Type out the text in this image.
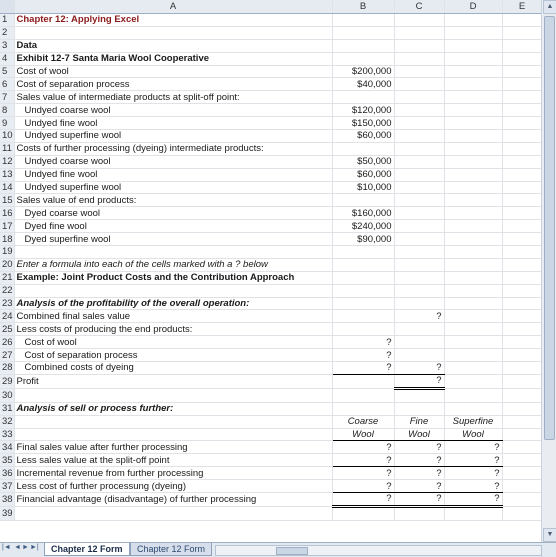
	A	B	C	D	E
1	Chapter 12: Applying Excel				
2					
3	Data				
4	Exhibit 12-7 Santa Maria Wool Cooperative				
5	Cost of wool	$200,000			
6	Cost of separation process	$40,000			
7	Sales value of intermediate products at split-off point:				
8	Undyed coarse wool	$120,000			
9	Undyed fine wool	$150,000			
10	Undyed superfine wool	$60,000			
11	Costs of further processing (dyeing) intermediate products:				
12	Undyed coarse wool	$50,000			
13	Undyed fine wool	$60,000			
14	Undyed superfine wool	$10,000			
15	Sales value of end products:				
16	Dyed coarse wool	$160,000			
17	Dyed fine wool	$240,000			
18	Dyed superfine wool	$90,000			
19					
20	Enter a formula into each of the cells marked with a ? below				
21	Example: Joint Product Costs and the Contribution Approach				
22					
23	Analysis of the profitability of the overall operation:				
24	Combined final sales value		?		
25	Less costs of producing the end products:				
26	Cost of wool	?			
27	Cost of separation process	?			
28	Combined costs of dyeing	?	?		
29	Profit		?		
30					
31	Analysis of sell or process further:				
32		Coarse	Fine	Superfine	
33		Wool	Wool	Wool	
34	Final sales value after further processing	?	?	?	
35	Less sales value at the split-off point	?	?	?	
36	Incremental revenue from further processing	?	?	?	
37	Less cost of further processung (dyeing)	?	?	?	
38	Financial advantage (disadvantage) of further processing	?	?	?	
39					
▲
▼
|◄ ◄ ► ►|	Chapter 12 Form	Chapter 12 Form
